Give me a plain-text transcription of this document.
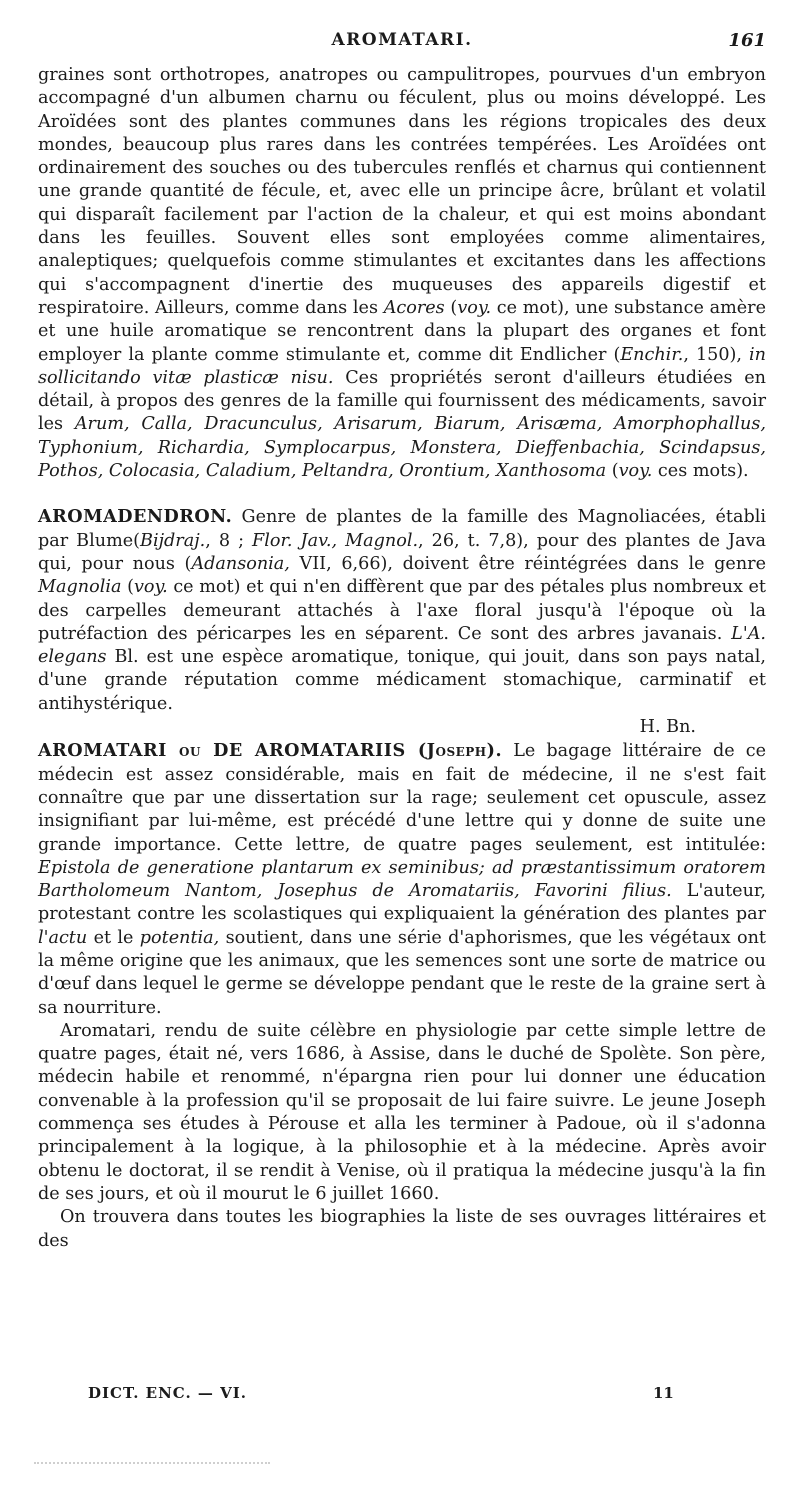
AROMATARI.	161

graines sont orthotropes, anatropes ou campulitropes, pourvues d'un embryon accompagné d'un albumen charnu ou féculent, plus ou moins développé. Les Aroïdées sont des plantes communes dans les régions tropicales des deux mondes, beaucoup plus rares dans les contrées tempérées. Les Aroïdées ont ordinairement des souches ou des tubercules renflés et charnus qui contiennent une grande quantité de fécule, et, avec elle un principe âcre, brûlant et volatil qui disparaît facilement par l'action de la chaleur, et qui est moins abondant dans les feuilles. Souvent elles sont employées comme alimentaires, analeptiques; quelquefois comme stimulantes et excitantes dans les affections qui s'accompagnent d'inertie des muqueuses des appareils digestif et respiratoire. Ailleurs, comme dans les Acores (voy. ce mot), une substance amère et une huile aromatique se rencontrent dans la plupart des organes et font employer la plante comme stimulante et, comme dit Endlicher (Enchir., 150), in sollicitando vitæ plasticæ nisu. Ces propriétés seront d'ailleurs étudiées en détail, à propos des genres de la famille qui fournissent des médicaments, savoir les Arum, Calla, Dracunculus, Arisarum, Biarum, Arisæma, Amorphophallus, Typhonium, Richardia, Symplocarpus, Monstera, Dieffenbachia, Scindapsus, Pothos, Colocasia, Caladium, Peltandra, Orontium, Xanthosoma (voy. ces mots).

AROMADENDRON. Genre de plantes de la famille des Magnoliacées, établi par Blume(Bijdraj., 8 ; Flor. Jav., Magnol., 26, t. 7,8), pour des plantes de Java qui, pour nous (Adansonia, VII, 6,66), doivent être réintégrées dans le genre Magnolia (voy. ce mot) et qui n'en diffèrent que par des pétales plus nombreux et des carpelles demeurant attachés à l'axe floral jusqu'à l'époque où la putréfaction des péricarpes les en séparent. Ce sont des arbres javanais. L'A. elegans Bl. est une espèce aromatique, tonique, qui jouit, dans son pays natal, d'une grande réputation comme médicament stomachique, carminatif et antihystérique.

H. Bn.

AROMATARI ou DE AROMATARIIS (Joseph). Le bagage littéraire de ce médecin est assez considérable, mais en fait de médecine, il ne s'est fait connaître que par une dissertation sur la rage; seulement cet opuscule, assez insignifiant par lui-même, est précédé d'une lettre qui y donne de suite une grande importance. Cette lettre, de quatre pages seulement, est intitulée: Epistola de generatione plantarum ex seminibus; ad præstantissimum oratorem Bartholomeum Nantom, Josephus de Aromatariis, Favorini filius. L'auteur, protestant contre les scolastiques qui expliquaient la génération des plantes par l'actu et le potentia, soutient, dans une série d'aphorismes, que les végétaux ont la même origine que les animaux, que les semences sont une sorte de matrice ou d'œuf dans lequel le germe se développe pendant que le reste de la graine sert à sa nourriture.

Aromatari, rendu de suite célèbre en physiologie par cette simple lettre de quatre pages, était né, vers 1686, à Assise, dans le duché de Spolète. Son père, médecin habile et renommé, n'épargna rien pour lui donner une éducation convenable à la profession qu'il se proposait de lui faire suivre. Le jeune Joseph commença ses études à Pérouse et alla les terminer à Padoue, où il s'adonna principalement à la logique, à la philosophie et à la médecine. Après avoir obtenu le doctorat, il se rendit à Venise, où il pratiqua la médecine jusqu'à la fin de ses jours, et où il mourut le 6 juillet 1660.

On trouvera dans toutes les biographies la liste de ses ouvrages littéraires et des

DICT. ENC. — VI.	11
